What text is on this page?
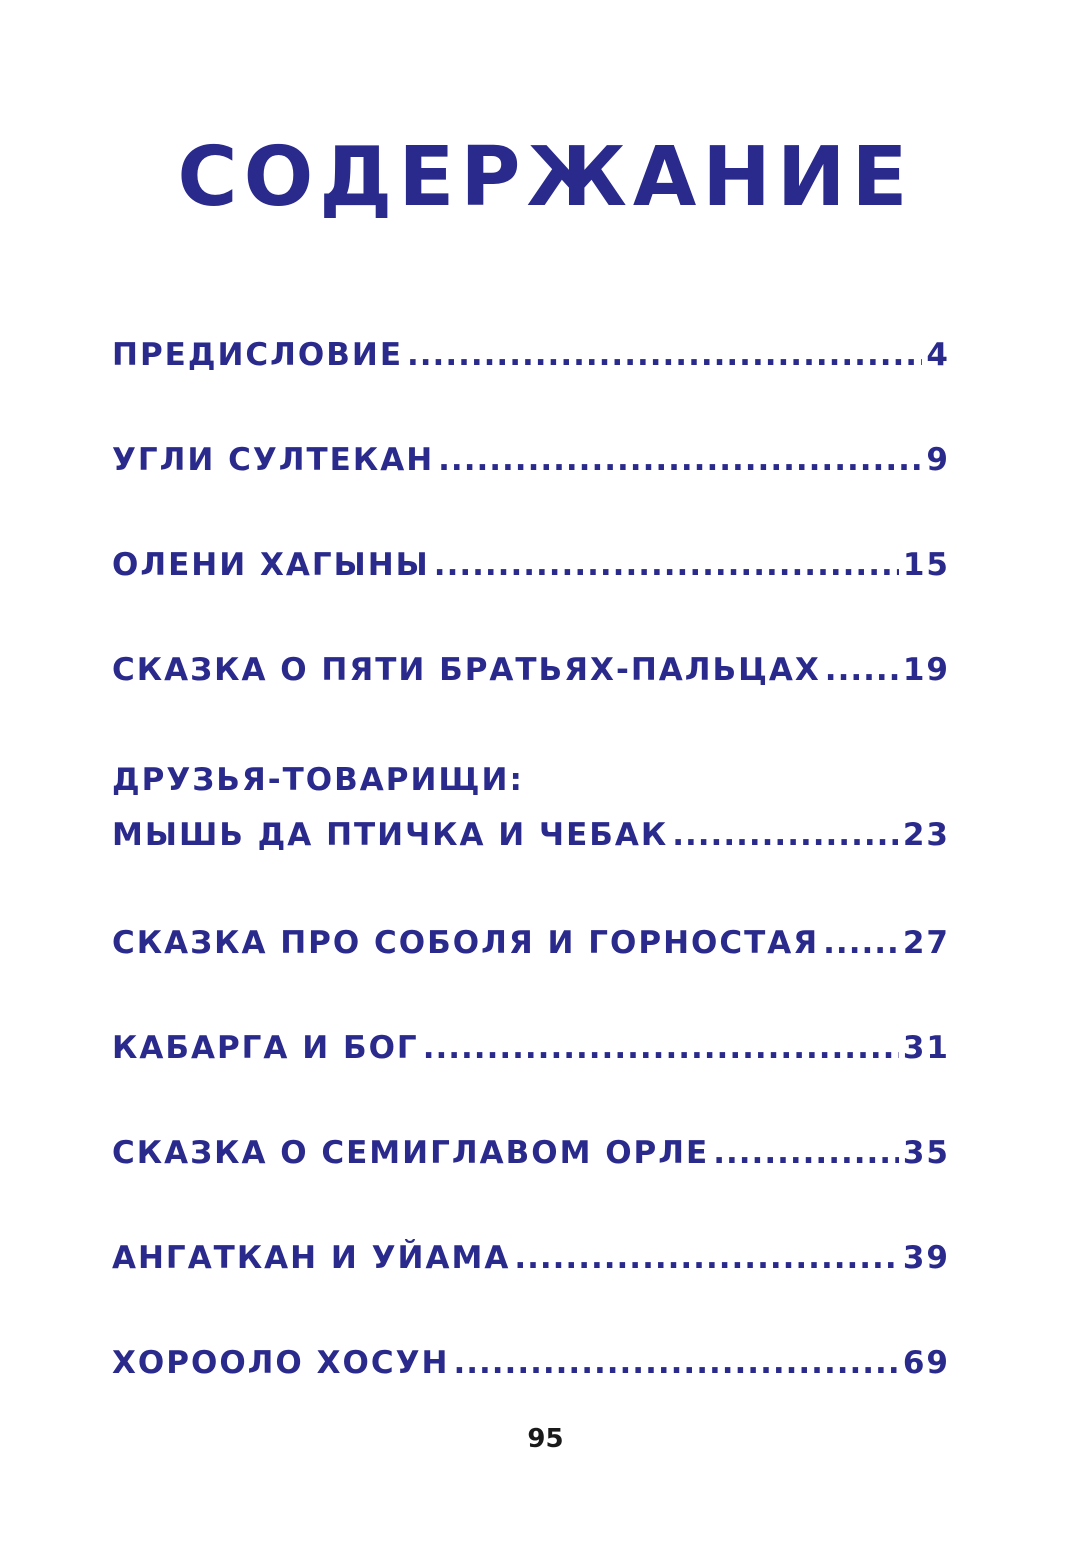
СОДЕРЖАНИЕ
ПРЕДИСЛОВИЕ .....	4
УГЛИ СУЛТЕКАН .....	9
ОЛЕНИ ХАГЫНЫ .....	15
СКАЗКА О ПЯТИ БРАТЬЯХ-ПАЛЬЦАХ .....	19
ДРУЗЬЯ-ТОВАРИЩИ:
МЫШЬ ДА ПТИЧКА И ЧЕБАК .....	23
СКАЗКА ПРО СОБОЛЯ И ГОРНОСТАЯ .....	27
КАБАРГА И БОГ .....	31
СКАЗКА О СЕМИГЛАВОМ ОРЛЕ .....	35
АНГАТКАН И УЙАМА .....	39
ХОРООЛО ХОСУН .....	69
95
